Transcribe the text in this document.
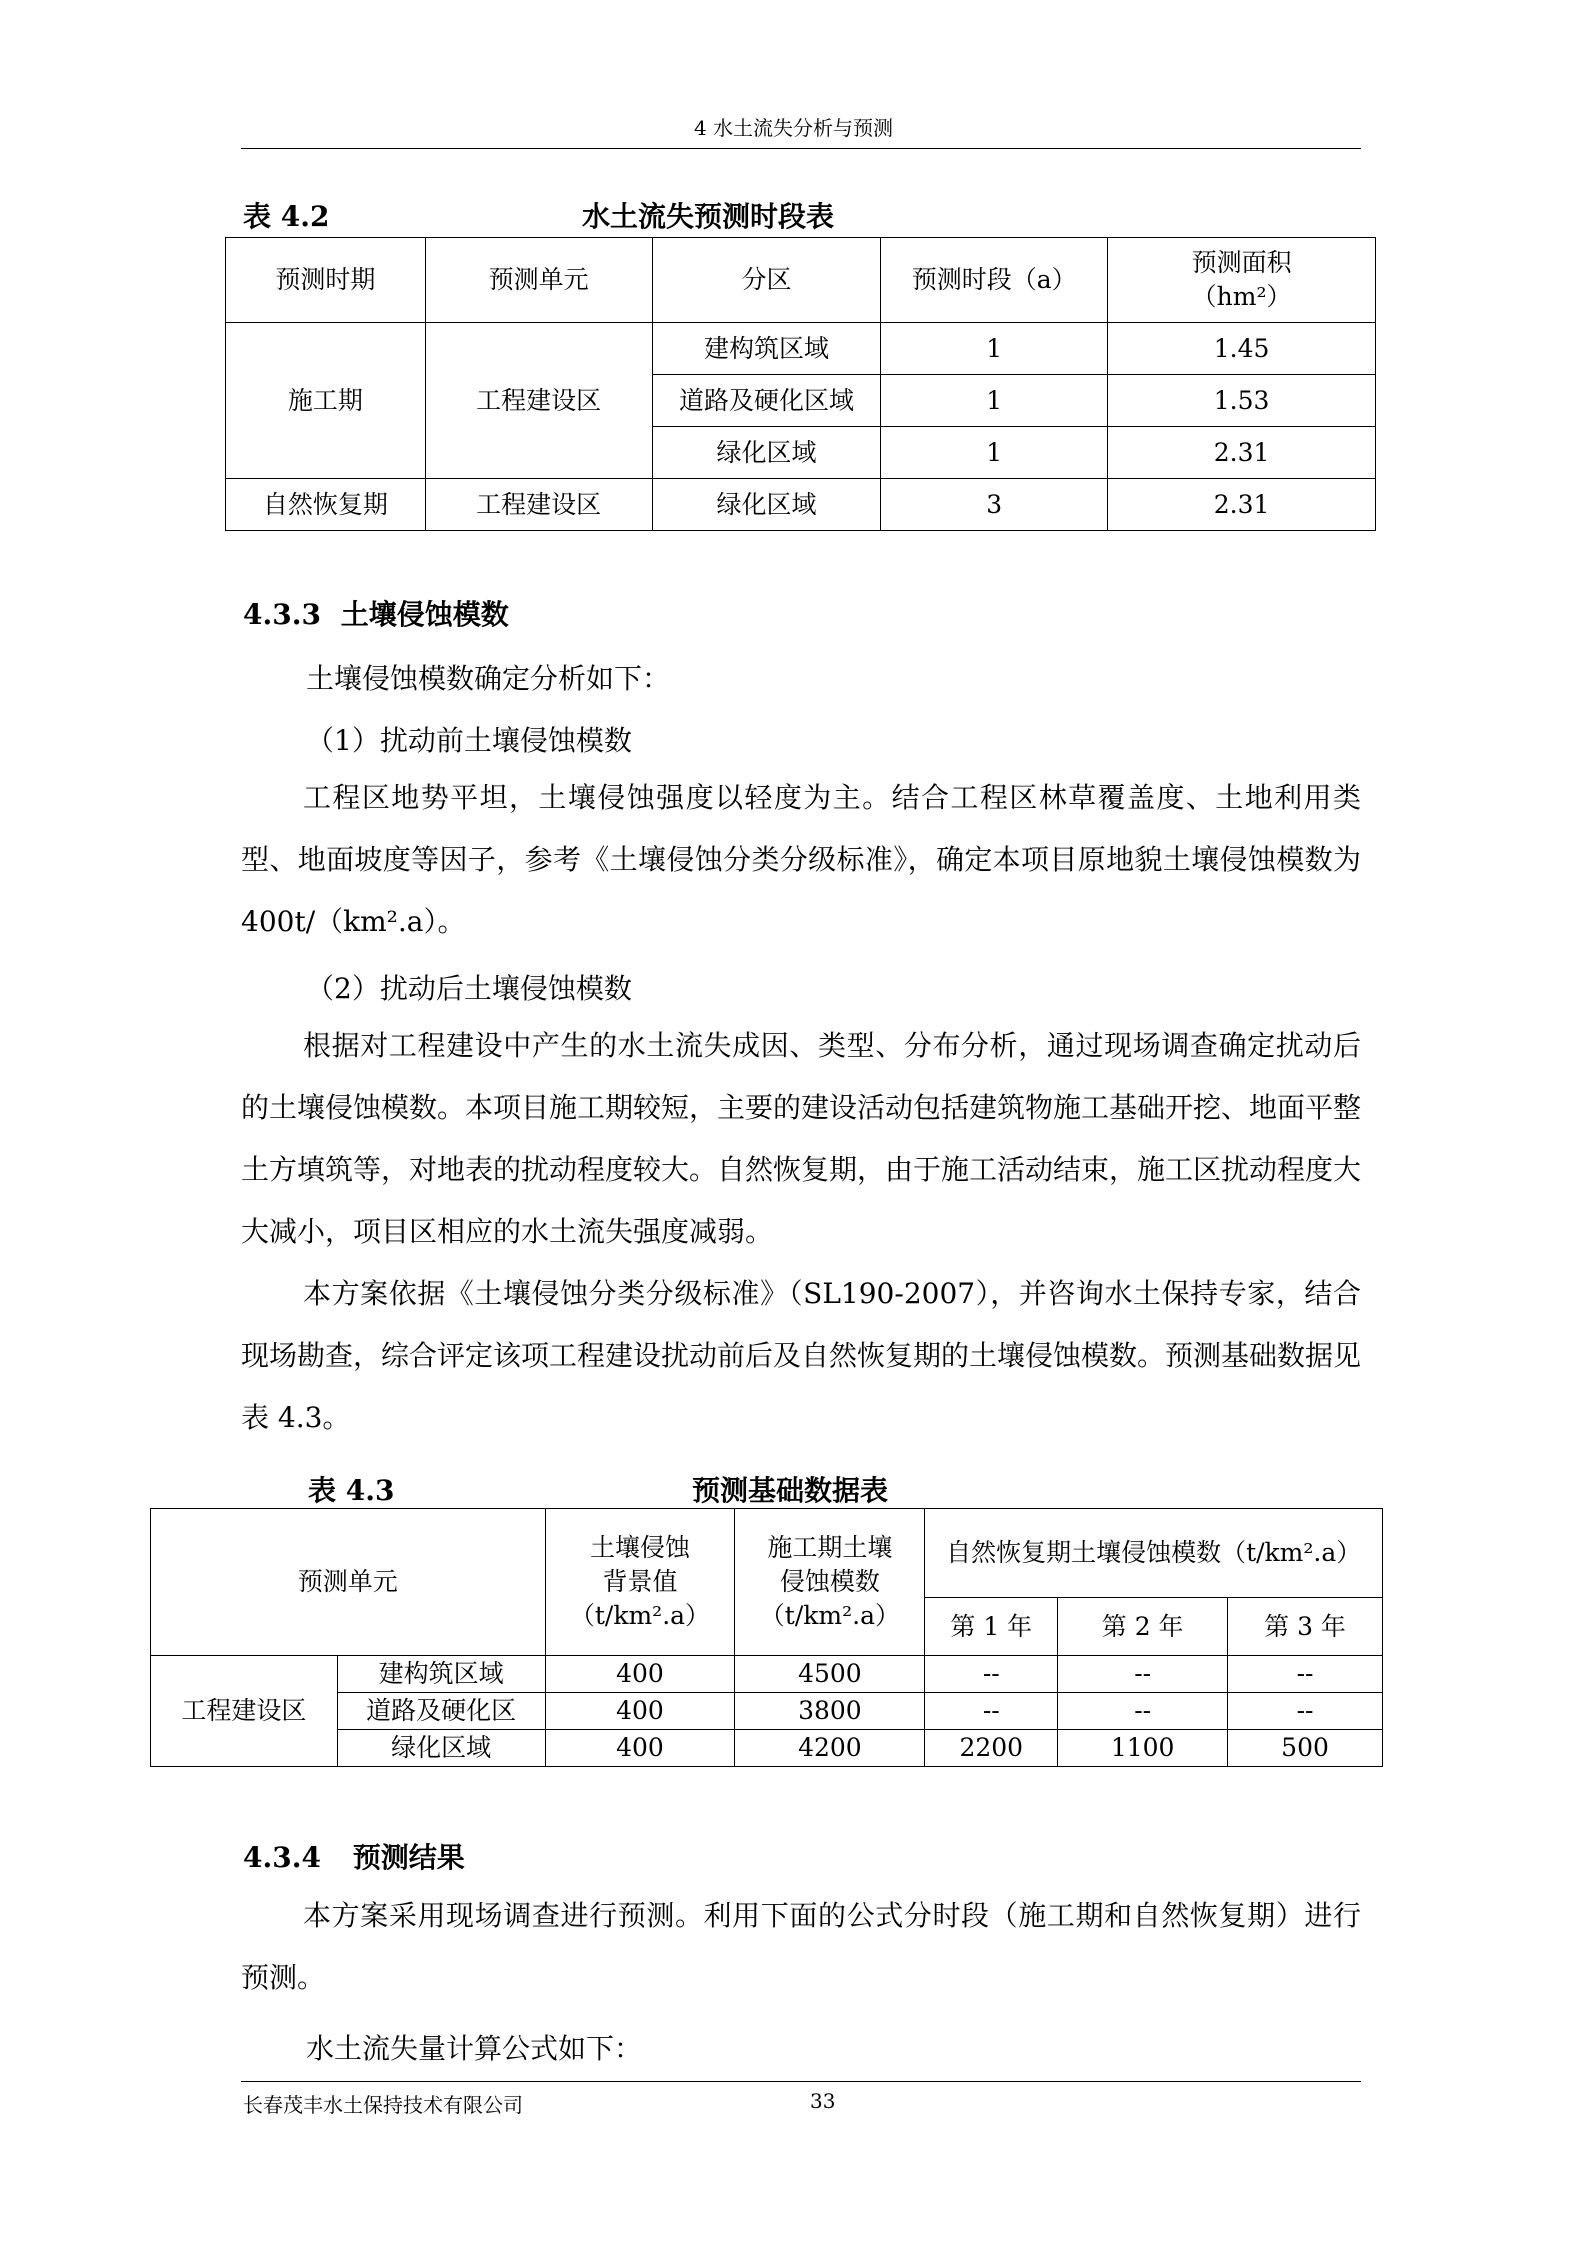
4 水土流失分析与预测
表 4.2	水土流失预测时段表
预测时期	预测单元	分区	预测时段（a）	预测面积
（hm²）
施工期	工程建设区	建构筑区域	1	1.45
		道路及硬化区域	1	1.53
		绿化区域	1	2.31
自然恢复期	工程建设区	绿化区域	3	2.31
4.3.3 土壤侵蚀模数
土壤侵蚀模数确定分析如下：
（1）扰动前土壤侵蚀模数

工程区地势平坦，土壤侵蚀强度以轻度为主。结合工程区林草覆盖度、土地利用类型、地面坡度等因子，参考《土壤侵蚀分类分级标准》，确定本项目原地貌土壤侵蚀模数为400t/（km².a）。

（2）扰动后土壤侵蚀模数

根据对工程建设中产生的水土流失成因、类型、分布分析，通过现场调查确定扰动后的土壤侵蚀模数。本项目施工期较短，主要的建设活动包括建筑物施工基础开挖、地面平整土方填筑等，对地表的扰动程度较大。自然恢复期，由于施工活动结束，施工区扰动程度大大减小，项目区相应的水土流失强度减弱。

本方案依据《土壤侵蚀分类分级标准》（SL190-2007），并咨询水土保持专家，结合现场勘查，综合评定该项工程建设扰动前后及自然恢复期的土壤侵蚀模数。预测基础数据见表 4.3。

表 4.3	预测基础数据表
预测单元		土壤侵蚀
背景值
（t/km².a）	施工期土壤
侵蚀模数
（t/km².a）	自然恢复期土壤侵蚀模数（t/km².a）		
				第 1 年	第 2 年	第 3 年
工程建设区	建构筑区域	400	4500	--	--	--
	道路及硬化区	400	3800	--	--	--
	绿化区域	400	4200	2200	1100	500
4.3.4 预测结果

本方案采用现场调查进行预测。利用下面的公式分时段（施工期和自然恢复期）进行预测。

水土流失量计算公式如下：
长春茂丰水土保持技术有限公司	33
